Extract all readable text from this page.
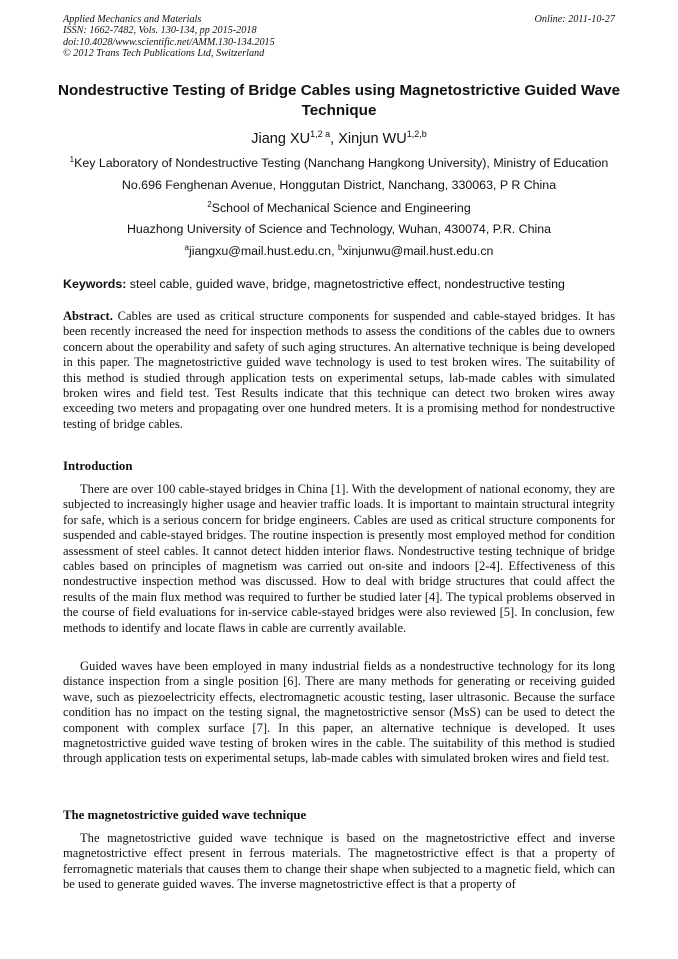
Applied Mechanics and Materials
ISSN: 1662-7482, Vols. 130-134, pp 2015-2018
doi:10.4028/www.scientific.net/AMM.130-134.2015
© 2012 Trans Tech Publications Ltd, Switzerland
Online: 2011-10-27
Nondestructive Testing of Bridge Cables using Magnetostrictive Guided Wave Technique
Jiang $XU^{1,2 a}$, Xinjun WU$^{1,2,b}$
$^1$Key Laboratory of Nondestructive Testing (Nanchang Hangkong University), Ministry of Education
No.696 Fenghenan Avenue, Honggutan District, Nanchang, 330063, P R China
$^2$School of Mechanical Science and Engineering
Huazhong University of Science and Technology, Wuhan, 430074, P.R. China
$^a$jiangxu@mail.hust.edu.cn, $^b$xinjunwu@mail.hust.edu.cn
Keywords: steel cable, guided wave, bridge, magnetostrictive effect, nondestructive testing

Abstract. Cables are used as critical structure components for suspended and cable-stayed bridges. It has been recently increased the need for inspection methods to assess the conditions of the cables due to owners concern about the operability and safety of such aging structures. An alternative technique is being developed in this paper. The magnetostrictive guided wave technology is used to test broken wires. The suitability of this method is studied through application tests on experimental setups, lab-made cables with simulated broken wires and field test. Test Results indicate that this technique can detect two broken wires away exceeding two meters and propagating over one hundred meters. It is a promising method for nondestructive testing of bridge cables.

Introduction

There are over 100 cable-stayed bridges in China [1]. With the development of national economy, they are subjected to increasingly higher usage and heavier traffic loads. It is important to maintain structural integrity for safe, which is a serious concern for bridge engineers. Cables are used as critical structure components for suspended and cable-stayed bridges. The routine inspection is presently most employed method for condition assessment of steel cables. It cannot detect hidden interior flaws. Nondestructive testing technique of bridge cables based on principles of magnetism was carried out on-site and indoors [2-4]. Effectiveness of this nondestructive inspection method was discussed. How to deal with bridge structures that could affect the results of the main flux method was required to further be studied later [4]. The typical problems observed in the course of field evaluations for in-service cable-stayed bridges were also reviewed [5]. In conclusion, few methods to identify and locate flaws in cable are currently available.

Guided waves have been employed in many industrial fields as a nondestructive technology for its long distance inspection from a single position [6]. There are many methods for generating or receiving guided wave, such as piezoelectricity effects, electromagnetic acoustic testing, laser ultrasonic. Because the surface condition has no impact on the testing signal, the magnetostrictive sensor (MsS) can be used to detect the component with complex surface [7]. In this paper, an alternative technique is developed. It uses magnetostrictive guided wave testing of broken wires in the cable. The suitability of this method is studied through application tests on experimental setups, lab-made cables with simulated broken wires and field test.

The magnetostrictive guided wave technique

The magnetostrictive guided wave technique is based on the magnetostrictive effect and inverse magnetostrictive effect present in ferrous materials. The magnetostrictive effect is that a property of ferromagnetic materials that causes them to change their shape when subjected to a magnetic field, which can be used to generate guided waves. The inverse magnetostrictive effect is that a property of
